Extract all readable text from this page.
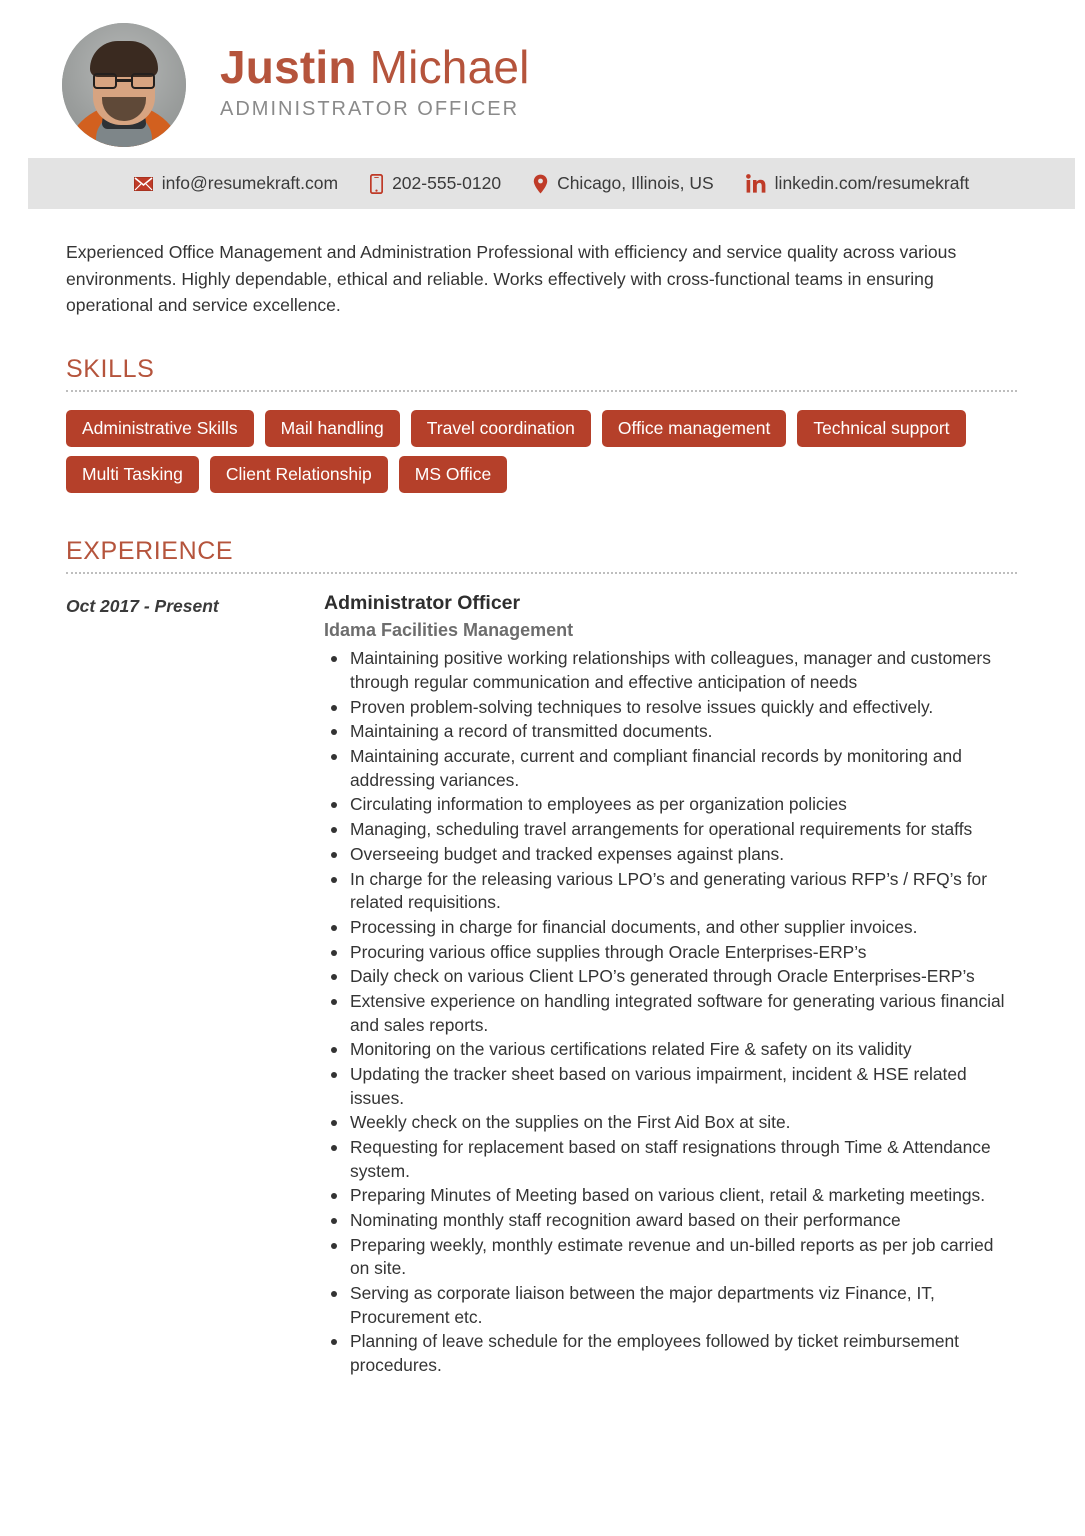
Justin Michael
ADMINISTRATOR OFFICER
info@resumekraft.com	202-555-0120	Chicago, Illinois, US	linkedin.com/resumekraft
Experienced Office Management and Administration Professional with efficiency and service quality across various environments. Highly dependable, ethical and reliable. Works effectively with cross-functional teams in ensuring operational and service excellence.
SKILLS
Administrative Skills	Mail handling	Travel coordination	Office management	Technical support
Multi Tasking	Client Relationship	MS Office
EXPERIENCE
Oct 2017 - Present	Administrator Officer
Idama Facilities Management
Maintaining positive working relationships with colleagues, manager and customers through regular communication and effective anticipation of needs
Proven problem-solving techniques to resolve issues quickly and effectively.
Maintaining a record of transmitted documents.
Maintaining accurate, current and compliant financial records by monitoring and addressing variances.
Circulating information to employees as per organization policies
Managing, scheduling travel arrangements for operational requirements for staffs
Overseeing budget and tracked expenses against plans.
In charge for the releasing various LPO’s and generating various RFP’s / RFQ’s for related requisitions.
Processing in charge for financial documents, and other supplier invoices.
Procuring various office supplies through Oracle Enterprises-ERP’s
Daily check on various Client LPO’s generated through Oracle Enterprises-ERP’s
Extensive experience on handling integrated software for generating various financial and sales reports.
Monitoring on the various certifications related Fire & safety on its validity
Updating the tracker sheet based on various impairment, incident & HSE related issues.
Weekly check on the supplies on the First Aid Box at site.
Requesting for replacement based on staff resignations through Time & Attendance system.
Preparing Minutes of Meeting based on various client, retail & marketing meetings.
Nominating monthly staff recognition award based on their performance
Preparing weekly, monthly estimate revenue and un-billed reports as per job carried on site.
Serving as corporate liaison between the major departments viz Finance, IT, Procurement etc.
Planning of leave schedule for the employees followed by ticket reimbursement procedures.
